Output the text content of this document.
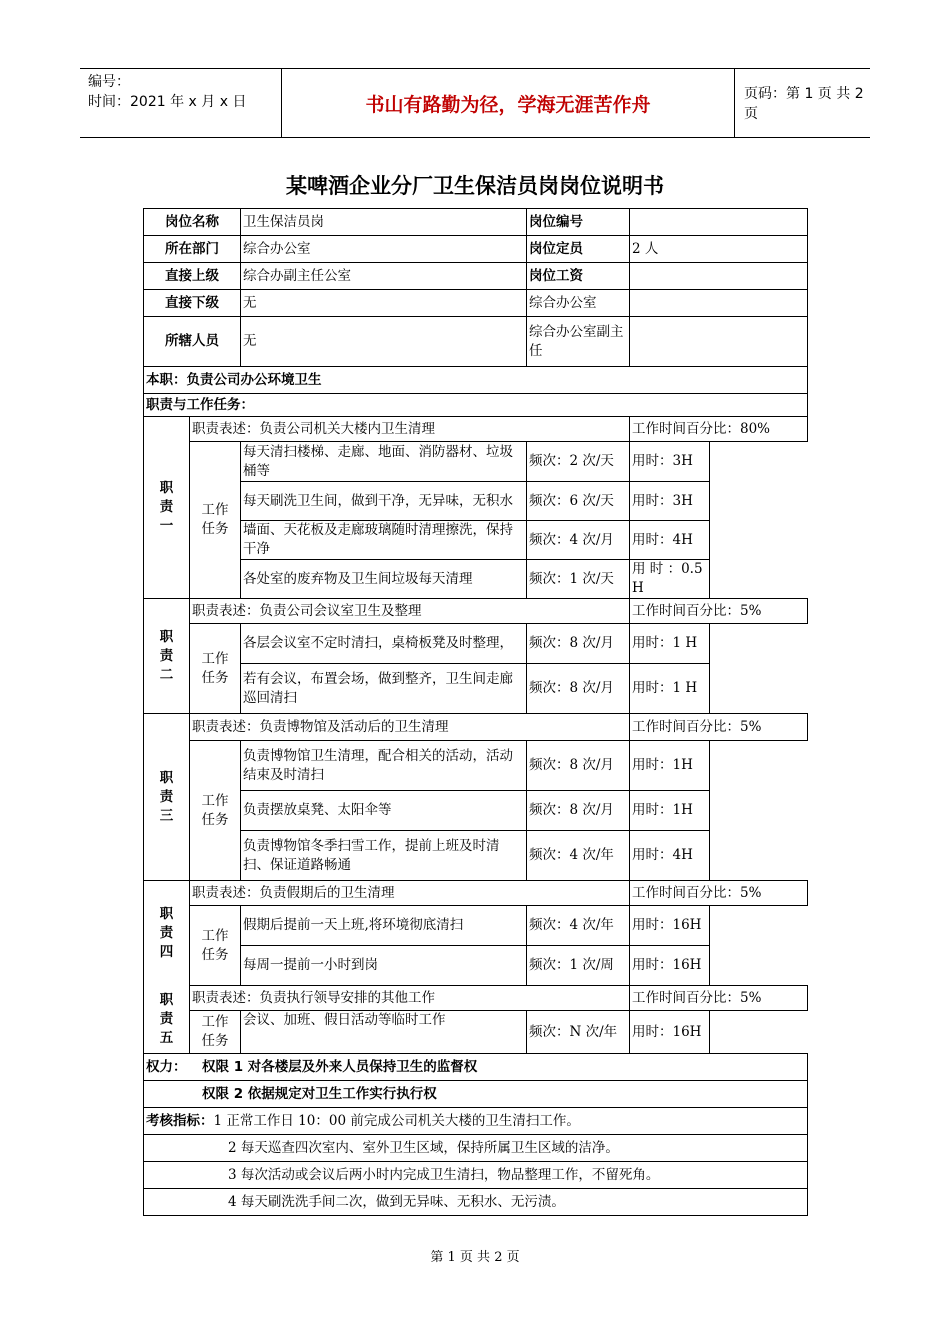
编号：
时间：2021 年 x 月 x 日	书山有路勤为径，学海无涯苦作舟	页码：第 1 页 共 2 页
某啤酒企业分厂卫生保洁员岗岗位说明书
岗位名称		卫生保洁员岗	岗位编号	
所在部门		综合办公室	岗位定员	2 人
直接上级		综合办副主任公室	岗位工资	
直接下级		无	综合办公室	
所辖人员		无	综合办公室副主任	
本职：负责公司办公环境卫生				
职责与工作任务：				
职责一	职责表述：负责公司机关大楼内卫生清理			工作时间百分比：80%
	工作任务	每天清扫楼梯、走廊、地面、消防器材、垃圾桶等	频次：2 次/天	用时：3H
		每天刷洗卫生间，做到干净，无异味，无积水	频次：6 次/天	用时：3H
		墙面、天花板及走廊玻璃随时清理擦洗，保持干净	频次：4 次/月	用时：4H
		各处室的废弃物及卫生间垃圾每天清理	频次：1 次/天	用 时 ：0.5H
职责二	职责表述：负责公司会议室卫生及整理			工作时间百分比：5%
	工作任务	各层会议室不定时清扫，桌椅板凳及时整理，	频次：8 次/月	用时：1 H
		若有会议，布置会场，做到整齐，卫生间走廊巡回清扫	频次：8 次/月	用时：1 H
职责三	职责表述：负责博物馆及活动后的卫生清理			工作时间百分比：5%
	工作任务	负责博物馆卫生清理，配合相关的活动，活动结束及时清扫	频次：8 次/月	用时：1H
		负责摆放桌凳、太阳伞等	频次：8 次/月	用时：1H
		负责博物馆冬季扫雪工作，提前上班及时清扫、保证道路畅通	频次：4 次/年	用时：4H
职责四	职责表述：负责假期后的卫生清理			工作时间百分比：5%
	工作任务	假期后提前一天上班,将环境彻底清扫	频次：4 次/年	用时：16H
		每周一提前一小时到岗	频次：1 次/周	用时：16H
职责五	职责表述：负责执行领导安排的其他工作			工作时间百分比：5%
	工作任务	会议、加班、假日活动等临时工作	频次：N 次/年	用时：16H
权力： 权限 1 对各楼层及外来人员保持卫生的监督权				
权限 2 依据规定对卫生工作实行执行权				
考核指标：1 正常工作日 10：00 前完成公司机关大楼的卫生清扫工作。				
2 每天巡查四次室内、室外卫生区域，保持所属卫生区域的洁净。				
3 每次活动或会议后两小时内完成卫生清扫，物品整理工作，不留死角。				
4 每天刷洗洗手间二次，做到无异味、无积水、无污渍。				
第 1 页 共 2 页
